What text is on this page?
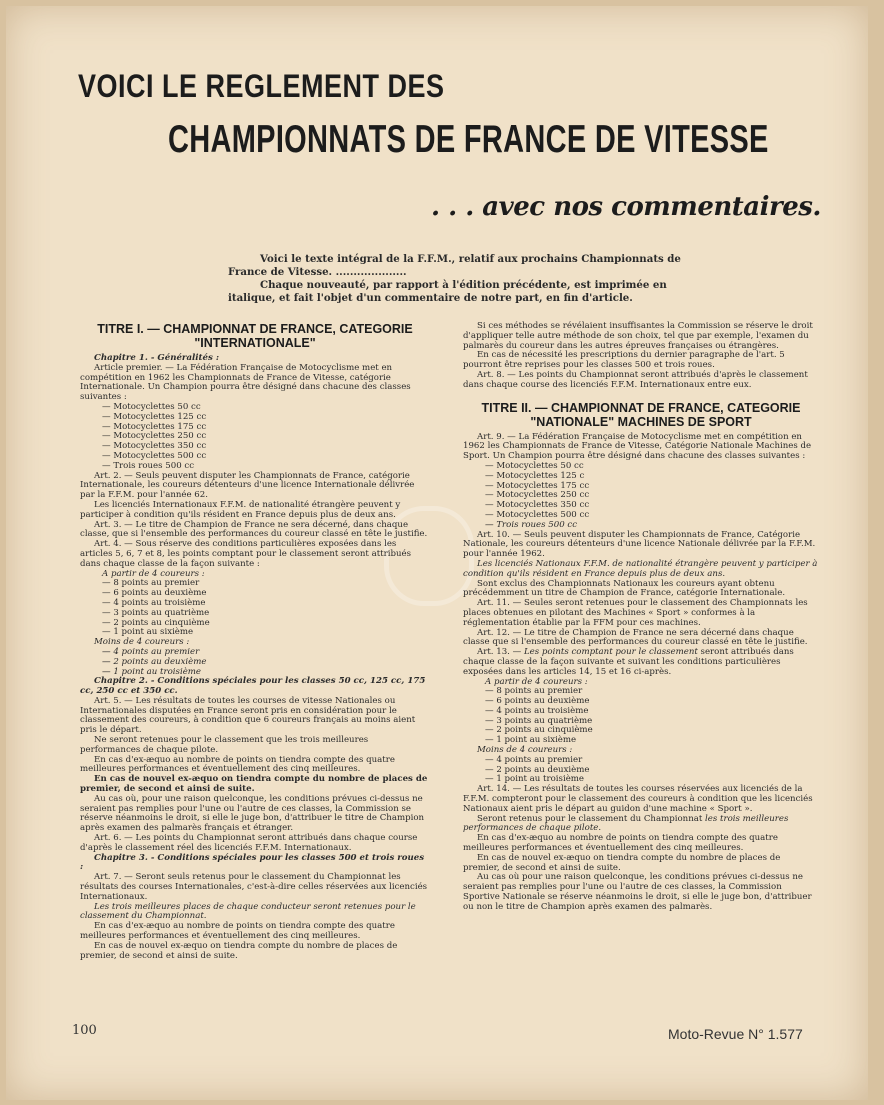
VOICI LE REGLEMENT DES
CHAMPIONNATS DE FRANCE DE VITESSE
. . . avec nos commentaires.

Voici le texte intégral de la F.F.M., relatif aux prochains Championnats de France de Vitesse. ....................

Chaque nouveauté, par rapport à l'édition précédente, est imprimée en italique, et fait l'objet d'un commentaire de notre part, en fin d'article.

TITRE I. — CHAMPIONNAT DE FRANCE, CATEGORIE "INTERNATIONALE"

Chapitre 1. - Généralités :

Article premier. — La Fédération Française de Motocyclisme met en compétition en 1962 les Championnats de France de Vitesse, catégorie Internationale. Un Champion pourra être désigné dans chacune des classes suivantes :

— Motocyclettes 50 cc

— Motocyclettes 125 cc

— Motocyclettes 175 cc

— Motocyclettes 250 cc

— Motocyclettes 350 cc

— Motocyclettes 500 cc

— Trois roues 500 cc

Art. 2. — Seuls peuvent disputer les Championnats de France, catégorie Internationale, les coureurs détenteurs d'une licence Internationale délivrée par la F.F.M. pour l'année 62.

Les licenciés Internationaux F.F.M. de nationalité étrangère peuvent y participer à condition qu'ils résident en France depuis plus de deux ans.

Art. 3. — Le titre de Champion de France ne sera décerné, dans chaque classe, que si l'ensemble des performances du coureur classé en tête le justifie.

Art. 4. — Sous réserve des conditions particulières exposées dans les articles 5, 6, 7 et 8, les points comptant pour le classement seront attribués dans chaque classe de la façon suivante :

A partir de 4 coureurs :

— 8 points au premier

— 6 points au deuxième

— 4 points au troisième

— 3 points au quatrième

— 2 points au cinquième

— 1 point au sixième

Moins de 4 coureurs :

— 4 points au premier

— 2 points au deuxième

— 1 point au troisième

Chapitre 2. - Conditions spéciales pour les classes 50 cc, 125 cc, 175 cc, 250 cc et 350 cc.

Art. 5. — Les résultats de toutes les courses de vitesse Nationales ou Internationales disputées en France seront pris en considération pour le classement des coureurs, à condition que 6 coureurs français au moins aient pris le départ.

Ne seront retenues pour le classement que les trois meilleures performances de chaque pilote.

En cas d'ex-æquo au nombre de points on tiendra compte des quatre meilleures performances et éventuellement des cinq meilleures.

En cas de nouvel ex-æquo on tiendra compte du nombre de places de premier, de second et ainsi de suite.

Au cas où, pour une raison quelconque, les conditions prévues ci-dessus ne seraient pas remplies pour l'une ou l'autre de ces classes, la Commission se réserve néanmoins le droit, si elle le juge bon, d'attribuer le titre de Champion après examen des palmarès français et étranger.

Art. 6. — Les points du Championnat seront attribués dans chaque course d'après le classement réel des licenciés F.F.M. Internationaux.

Chapitre 3. - Conditions spéciales pour les classes 500 et trois roues :

Art. 7. — Seront seuls retenus pour le classement du Championnat les résultats des courses Internationales, c'est-à-dire celles réservées aux licenciés Internationaux.

Les trois meilleures places de chaque conducteur seront retenues pour le classement du Championnat.

En cas d'ex-æquo au nombre de points on tiendra compte des quatre meilleures performances et éventuellement des cinq meilleures.

En cas de nouvel ex-æquo on tiendra compte du nombre de places de premier, de second et ainsi de suite.

Si ces méthodes se révélaient insuffisantes la Commission se réserve le droit d'appliquer telle autre méthode de son choix, tel que par exemple, l'examen du palmarès du coureur dans les autres épreuves françaises ou étrangères.

En cas de nécessité les prescriptions du dernier paragraphe de l'art. 5 pourront être reprises pour les classes 500 et trois roues.

Art. 8. — Les points du Championnat seront attribués d'après le classement dans chaque course des licenciés F.F.M. Internationaux entre eux.

TITRE II. — CHAMPIONNAT DE FRANCE, CATEGORIE "NATIONALE" MACHINES DE SPORT

Art. 9. — La Fédération Française de Motocyclisme met en compétition en 1962 les Championnats de France de Vitesse, Catégorie Nationale Machines de Sport. Un Champion pourra être désigné dans chacune des classes suivantes :

— Motocyclettes 50 cc

— Motocyclettes 125 c

— Motocyclettes 175 cc

— Motocyclettes 250 cc

— Motocyclettes 350 cc

— Motocyclettes 500 cc

— Trois roues 500 cc

Art. 10. — Seuls peuvent disputer les Championnats de France, Catégorie Nationale, les coureurs détenteurs d'une licence Nationale délivrée par la F.F.M. pour l'année 1962.

Les licenciés Nationaux F.F.M. de nationalité étrangère peuvent y participer à condition qu'ils résident en France depuis plus de deux ans.

Sont exclus des Championnats Nationaux les coureurs ayant obtenu précédemment un titre de Champion de France, catégorie Internationale.

Art. 11. — Seules seront retenues pour le classement des Championnats les places obtenues en pilotant des Machines « Sport » conformes à la réglementation établie par la FFM pour ces machines.

Art. 12. — Le titre de Champion de France ne sera décerné dans chaque classe que si l'ensemble des performances du coureur classé en tête le justifie.

Art. 13. — Les points comptant pour le classement seront attribués dans chaque classe de la façon suivante et suivant les conditions particulières exposées dans les articles 14, 15 et 16 ci-après.

A partir de 4 coureurs :

— 8 points au premier

— 6 points au deuxième

— 4 points au troisième

— 3 points au quatrième

— 2 points au cinquième

— 1 point au sixième

Moins de 4 coureurs :

— 4 points au premier

— 2 points au deuxième

— 1 point au troisième

Art. 14. — Les résultats de toutes les courses réservées aux licenciés de la F.F.M. compteront pour le classement des coureurs à condition que les licenciés Nationaux aient pris le départ au guidon d'une machine « Sport ».

Seront retenus pour le classement du Championnat les trois meilleures performances de chaque pilote.

En cas d'ex-æquo au nombre de points on tiendra compte des quatre meilleures performances et éventuellement des cinq meilleures.

En cas de nouvel ex-æquo on tiendra compte du nombre de places de premier, de second et ainsi de suite.

Au cas où pour une raison quelconque, les conditions prévues ci-dessus ne seraient pas remplies pour l'une ou l'autre de ces classes, la Commission Sportive Nationale se réserve néanmoins le droit, si elle le juge bon, d'attribuer ou non le titre de Champion après examen des palmarès.

100	Moto-Revue N° 1.577
